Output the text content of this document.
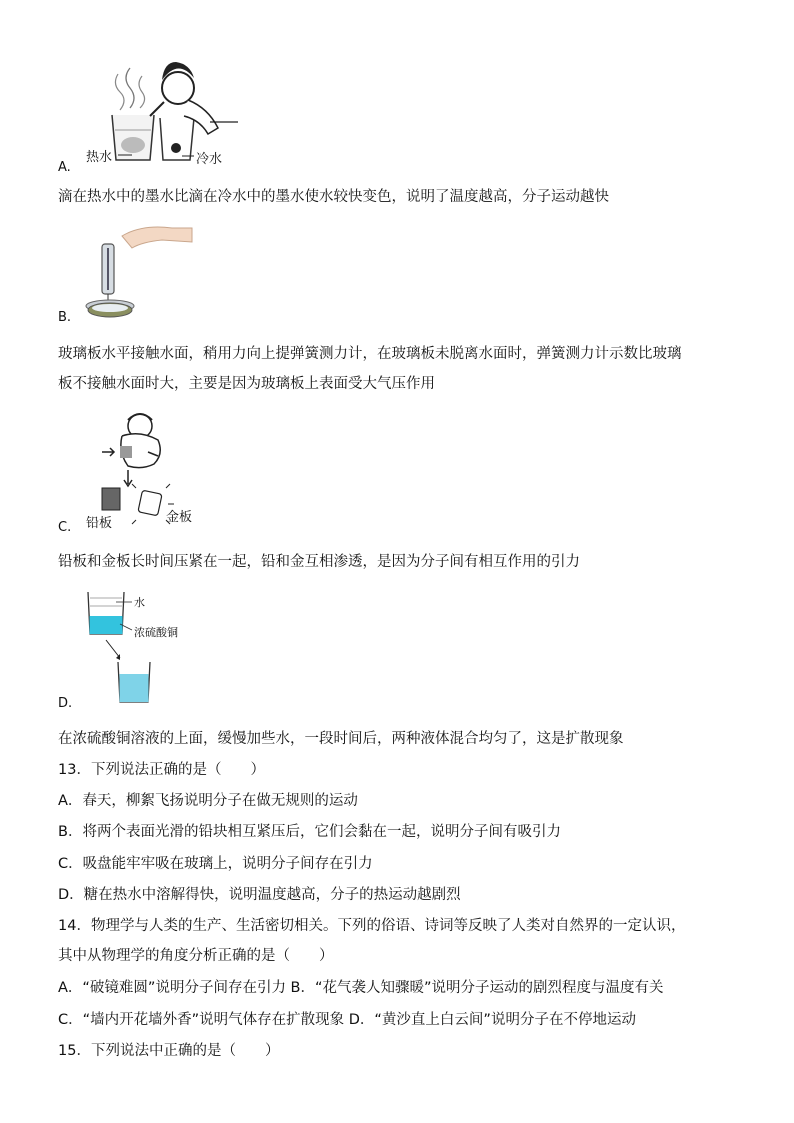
热水	冷水
A.
滴在热水中的墨水比滴在冷水中的墨水使水较快变色，说明了温度越高，分子运动越快
B.
玻璃板水平接触水面，稍用力向上提弹簧测力计，在玻璃板未脱离水面时，弹簧测力计示数比玻璃
板不接触水面时大，主要是因为玻璃板上表面受大气压作用
铅板	金板
C.
铅板和金板长时间压紧在一起，铅和金互相渗透，是因为分子间有相互作用的引力
水
浓硫酸铜
D.
在浓硫酸铜溶液的上面，缓慢加些水，一段时间后，两种液体混合均匀了，这是扩散现象
13．下列说法正确的是（　　）
A．春天，柳絮飞扬说明分子在做无规则的运动
B．将两个表面光滑的铅块相互紧压后，它们会黏在一起，说明分子间有吸引力
C．吸盘能牢牢吸在玻璃上，说明分子间存在引力
D．糖在热水中溶解得快，说明温度越高，分子的热运动越剧烈
14．物理学与人类的生产、生活密切相关。下列的俗语、诗词等反映了人类对自然界的一定认识，
其中从物理学的角度分析正确的是（　　）
A．“破镜难圆”说明分子间存在引力 B．“花气袭人知骤暖”说明分子运动的剧烈程度与温度有关
C．“墙内开花墙外香”说明气体存在扩散现象 D．“黄沙直上白云间”说明分子在不停地运动
15．下列说法中正确的是（　　）
